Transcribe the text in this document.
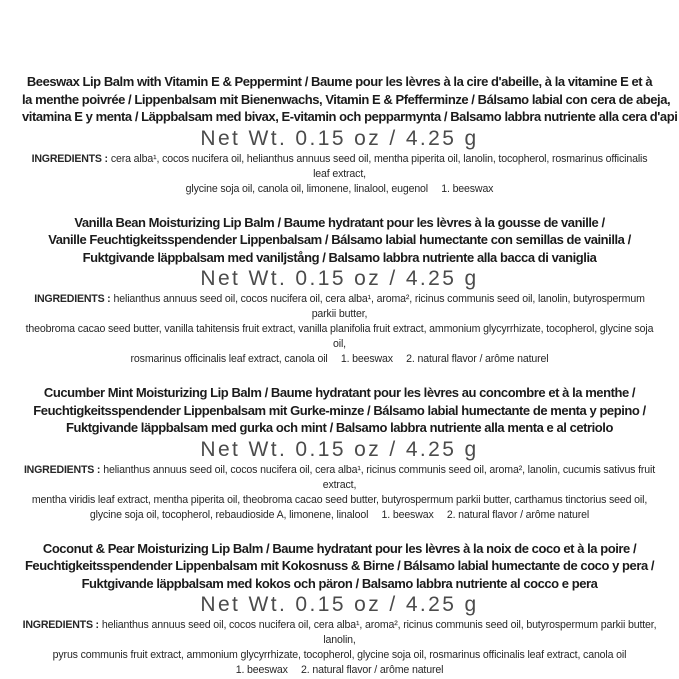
Beeswax Lip Balm with Vitamin E & Peppermint / Baume pour les lèvres à la cire d'abeille, à la vitamine E et à
la menthe poivrée / Lippenbalsam mit Bienenwachs, Vitamin E & Pfefferminze / Bálsamo labial con cera de abeja,
vitamina E y menta / Läppbalsam med bivax, E-vitamin och pepparmynta / Balsamo labbra nutriente alla cera d'api
Net Wt. 0.15 oz / 4.25 g
INGREDIENTS : cera alba¹, cocos nucifera oil, helianthus annuus seed oil, mentha piperita oil, lanolin, tocopherol, rosmarinus officinalis leaf extract,
glycine soja oil, canola oil, limonene, linalool, eugenol  1. beeswax
Vanilla Bean Moisturizing Lip Balm / Baume hydratant pour les lèvres à la gousse de vanille /
Vanille Feuchtigkeitsspendender Lippenbalsam / Bálsamo labial humectante con semillas de vainilla /
Fuktgivande läppbalsam med vaniljstång / Balsamo labbra nutriente alla bacca di vaniglia
Net Wt. 0.15 oz / 4.25 g
INGREDIENTS : helianthus annuus seed oil, cocos nucifera oil, cera alba¹, aroma², ricinus communis seed oil, lanolin, butyrospermum parkii butter,
theobroma cacao seed butter, vanilla tahitensis fruit extract, vanilla planifolia fruit extract, ammonium glycyrrhizate, tocopherol, glycine soja oil,
rosmarinus officinalis leaf extract, canola oil  1. beeswax  2. natural flavor / arôme naturel
Cucumber Mint Moisturizing Lip Balm / Baume hydratant pour les lèvres au concombre et à la menthe /
Feuchtigkeitsspendender Lippenbalsam mit Gurke-minze / Bálsamo labial humectante de menta y pepino /
Fuktgivande läppbalsam med gurka och mint / Balsamo labbra nutriente alla menta e al cetriolo
Net Wt. 0.15 oz / 4.25 g
INGREDIENTS : helianthus annuus seed oil, cocos nucifera oil, cera alba¹, ricinus communis seed oil, aroma², lanolin, cucumis sativus fruit extract,
mentha viridis leaf extract, mentha piperita oil, theobroma cacao seed butter, butyrospermum parkii butter, carthamus tinctorius seed oil,
glycine soja oil, tocopherol, rebaudioside A, limonene, linalool  1. beeswax  2. natural flavor / arôme naturel
Coconut & Pear Moisturizing Lip Balm / Baume hydratant pour les lèvres à la noix de coco et à la poire /
Feuchtigkeitsspendender Lippenbalsam mit Kokosnuss & Birne / Bálsamo labial humectante de coco y pera /
Fuktgivande läppbalsam med kokos och päron / Balsamo labbra nutriente al cocco e pera
Net Wt. 0.15 oz / 4.25 g
INGREDIENTS : helianthus annuus seed oil, cocos nucifera oil, cera alba¹, aroma², ricinus communis seed oil, butyrospermum parkii butter, lanolin,
pyrus communis fruit extract, ammonium glycyrrhizate, tocopherol, glycine soja oil, rosmarinus officinalis leaf extract, canola oil
1. beeswax  2. natural flavor / arôme naturel
